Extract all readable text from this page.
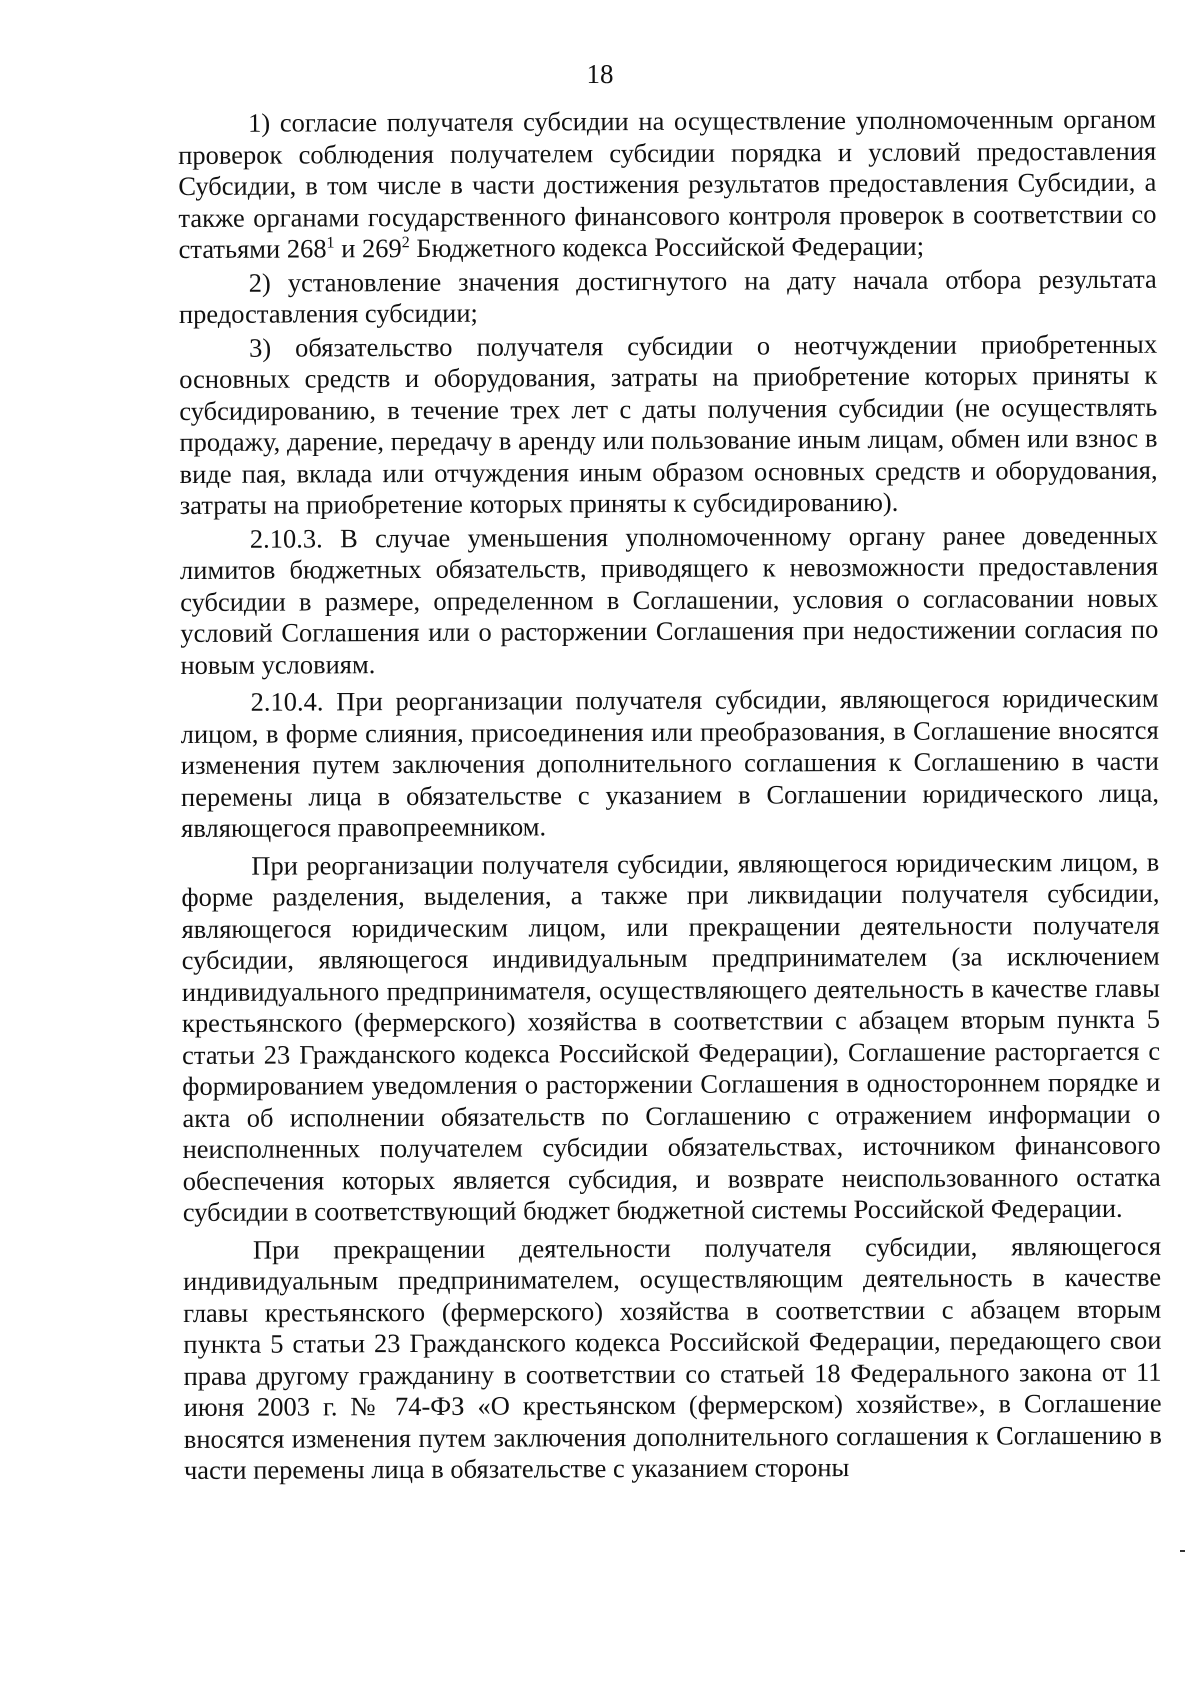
18

1) согласие получателя субсидии на осуществление уполномоченным органом проверок соблюдения получателем субсидии порядка и условий предоставления Субсидии, в том числе в части достижения результатов предоставления Субсидии, а также органами государственного финансового контроля проверок в соответствии со статьями $268^1$ и $269^2$ Бюджетного кодекса Российской Федерации;

2) установление значения достигнутого на дату начала отбора результата предоставления субсидии;

3) обязательство получателя субсидии о неотчуждении приобретенных основных средств и оборудования, затраты на приобретение которых приняты к субсидированию, в течение трех лет с даты получения субсидии (не осуществлять продажу, дарение, передачу в аренду или пользование иным лицам, обмен или взнос в виде пая, вклада или отчуждения иным образом основных средств и оборудования, затраты на приобретение которых приняты к субсидированию).

2.10.3. В случае уменьшения уполномоченному органу ранее доведенных лимитов бюджетных обязательств, приводящего к невозможности предоставления субсидии в размере, определенном в Соглашении, условия о согласовании новых условий Соглашения или о расторжении Соглашения при недостижении согласия по новым условиям.

2.10.4. При реорганизации получателя субсидии, являющегося юридическим лицом, в форме слияния, присоединения или преобразования, в Соглашение вносятся изменения путем заключения дополнительного соглашения к Соглашению в части перемены лица в обязательстве с указанием в Соглашении юридического лица, являющегося правопреемником.

При реорганизации получателя субсидии, являющегося юридическим лицом, в форме разделения, выделения, а также при ликвидации получателя субсидии, являющегося юридическим лицом, или прекращении деятельности получателя субсидии, являющегося индивидуальным предпринимателем (за исключением индивидуального предпринимателя, осуществляющего деятельность в качестве главы крестьянского (фермерского) хозяйства в соответствии с абзацем вторым пункта 5 статьи 23 Гражданского кодекса Российской Федерации), Соглашение расторгается с формированием уведомления о расторжении Соглашения в одностороннем порядке и акта об исполнении обязательств по Соглашению с отражением информации о неисполненных получателем субсидии обязательствах, источником финансового обеспечения которых является субсидия, и возврате неиспользованного остатка субсидии в соответствующий бюджет бюджетной системы Российской Федерации.

При прекращении деятельности получателя субсидии, являющегося индивидуальным предпринимателем, осуществляющим деятельность в качестве главы крестьянского (фермерского) хозяйства в соответствии с абзацем вторым пункта 5 статьи 23 Гражданского кодекса Российской Федерации, передающего свои права другому гражданину в соответствии со статьей 18 Федерального закона от 11 июня 2003 г. № 74-ФЗ «О крестьянском (фермерском) хозяйстве», в Соглашение вносятся изменения путем заключения дополнительного соглашения к Соглашению в части перемены лица в обязательстве с указанием стороны
